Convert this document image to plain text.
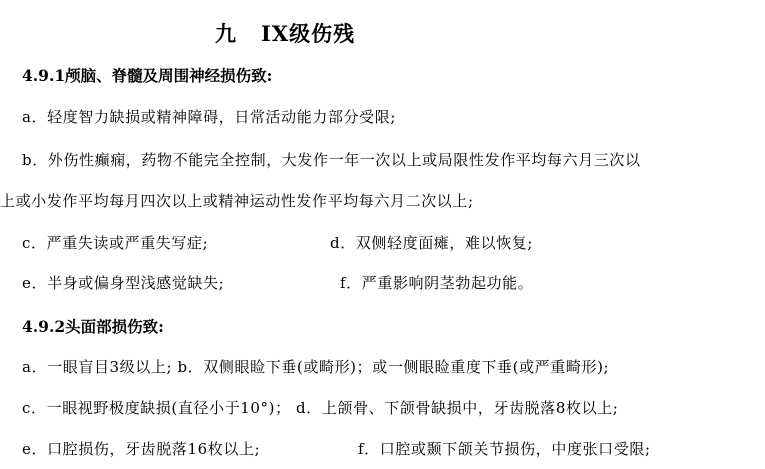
九 IX级伤残
4.9.1颅脑、脊髓及周围神经损伤致:
a．轻度智力缺损或精神障碍，日常活动能力部分受限;
b．外伤性癫痫，药物不能完全控制，大发作一年一次以上或局限性发作平均每六月三次以
上或小发作平均每月四次以上或精神运动性发作平均每六月二次以上;
c．严重失读或严重失写症;	d．双侧轻度面瘫，难以恢复;
e．半身或偏身型浅感觉缺失;	f．严重影响阴茎勃起功能。
4.9.2头面部损伤致:
a．一眼盲目3级以上; b．双侧眼睑下垂(或畸形)；或一侧眼睑重度下垂(或严重畸形);
c．一眼视野极度缺损(直径小于10°)； d．上颌骨、下颌骨缺损中，牙齿脱落8枚以上;
e．口腔损伤，牙齿脱落16枚以上;	f．口腔或颞下颌关节损伤，中度张口受限;
